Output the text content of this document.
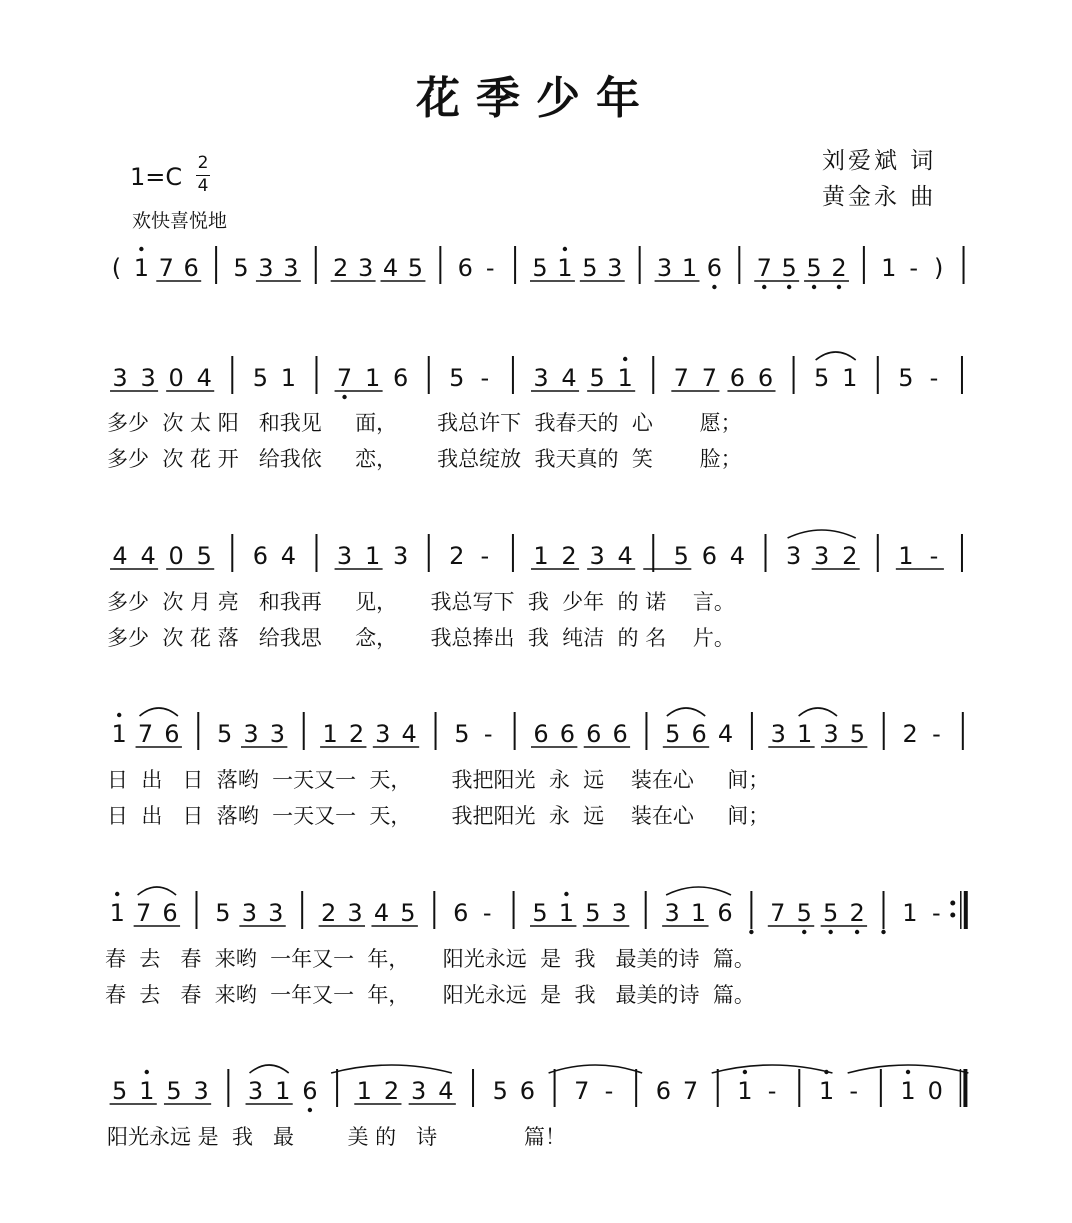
花季少年
刘爱斌 词
黄金永 曲
1=C 2
4
欢快喜悦地
( 1 7 6 5 3 3 2 3 4 5 6 - 5 1 5 3 3 1 6 7 5 5 2 1 - )
3 3 0 4 5 1 7 1 6 5 - 3 4 5 1 7 7 6 6 5 1 5 -
4 4 0 5 6 4 3 1 3 2 - 1 2 3 4 5 6 4 3 3 2 1 -
1 7 6 5 3 3 1 2 3 4 5 - 6 6 6 6 5 6 4 3 1 3 5 2 -
1 7 6 5 3 3 2 3 4 5 6 - 5 1 5 3 3 1 6 7 5 5 2 1 -
5 1 5 3 3 1 6 1 2 3 4 5 6 7 - 6 7 1 - 1 - 1 0
多少  次 太 阳   和我见     面，      我总许下  我春天的  心       愿；
多少  次 花 开   给我依     恋，      我总绽放  我天真的  笑       脸；
多少  次 月 亮   和我再     见，     我总写下  我  少年  的 诺    言。
多少  次 花 落   给我思     念，     我总捧出  我  纯洁  的 名    片。
日  出   日  落哟  一天又一  天，      我把阳光  永  远    装在心     间；
日  出   日  落哟  一天又一  天，      我把阳光  永  远    装在心     间；
春  去   春  来哟  一年又一  年，     阳光永远  是  我   最美的诗  篇。
春  去   春  来哟  一年又一  年，     阳光永远  是  我   最美的诗  篇。
阳光永远 是  我   最        美 的   诗             篇！
